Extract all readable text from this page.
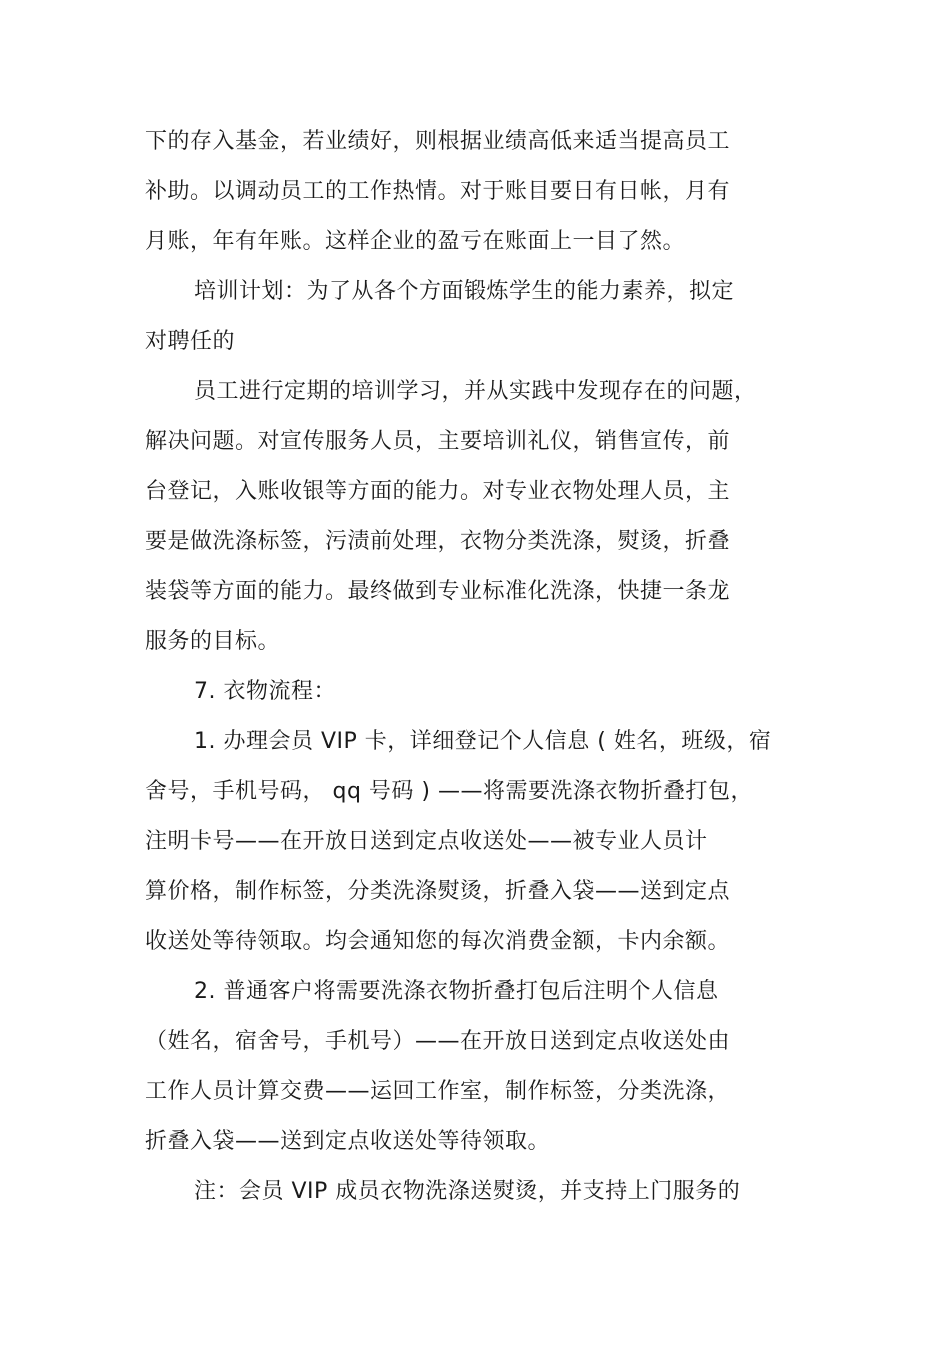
下的存入基金，若业绩好，则根据业绩高低来适当提高员工
补助。以调动员工的工作热情。对于账目要日有日帐，月有
月账，年有年账。这样企业的盈亏在账面上一目了然。
培训计划：为了从各个方面锻炼学生的能力素养，拟定
对聘任的
员工进行定期的培训学习，并从实践中发现存在的问题，
解决问题。对宣传服务人员，主要培训礼仪，销售宣传，前
台登记，入账收银等方面的能力。对专业衣物处理人员，主
要是做洗涤标签，污渍前处理，衣物分类洗涤，熨烫，折叠
装袋等方面的能力。最终做到专业标准化洗涤，快捷一条龙
服务的目标。
7. 衣物流程：
1. 办理会员 VIP 卡，详细登记个人信息 ( 姓名，班级，宿
舍号，手机号码， qq 号码 ) ——将需要洗涤衣物折叠打包，
注明卡号——在开放日送到定点收送处——被专业人员计
算价格，制作标签，分类洗涤熨烫，折叠入袋——送到定点
收送处等待领取。均会通知您的每次消费金额，卡内余额。
2. 普通客户将需要洗涤衣物折叠打包后注明个人信息
（姓名，宿舍号，手机号）——在开放日送到定点收送处由
工作人员计算交费——运回工作室，制作标签，分类洗涤，
折叠入袋——送到定点收送处等待领取。
注：会员 VIP 成员衣物洗涤送熨烫，并支持上门服务的
